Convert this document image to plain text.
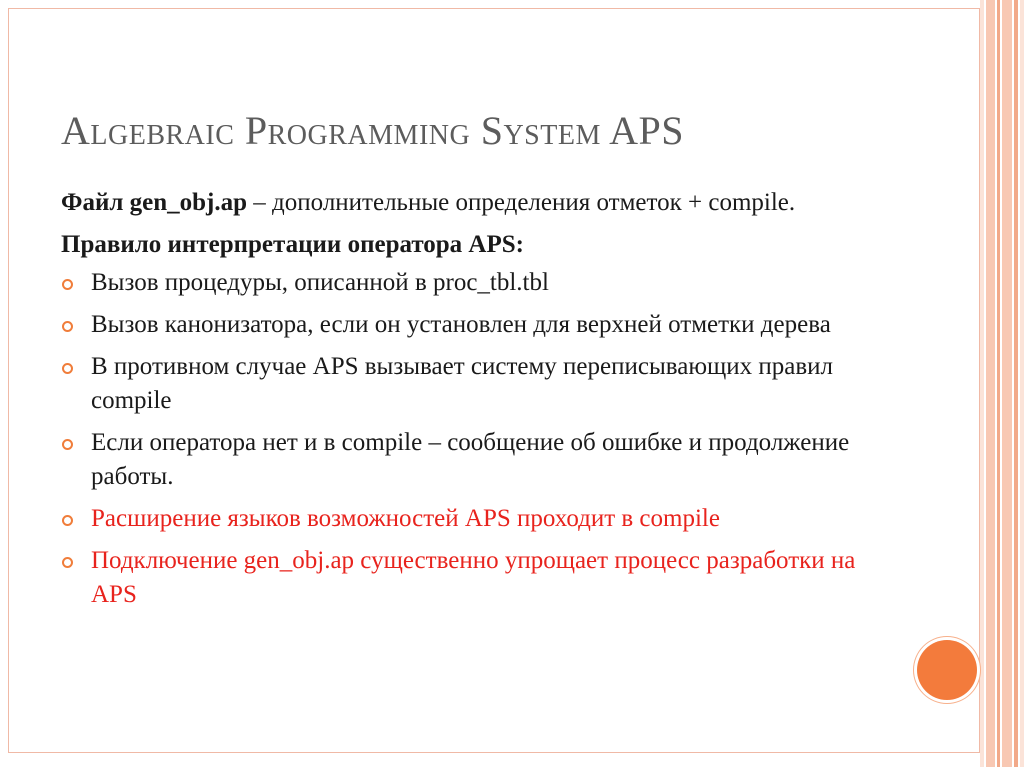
Algebraic Programming System APS

Файл gen_obj.ap – дополнительные определения отметок + compile.

Правило интерпретации оператора APS:

Вызов процедуры, описанной в proc_tbl.tbl
Вызов канонизатора, если он установлен для верхней отметки дерева
В противном случае APS вызывает систему переписывающих правил compile
Если оператора нет и в compile – сообщение об ошибке и продолжение работы.
Расширение языков возможностей APS проходит в compile
Подключение gen_obj.ap существенно упрощает процесс разработки на APS
